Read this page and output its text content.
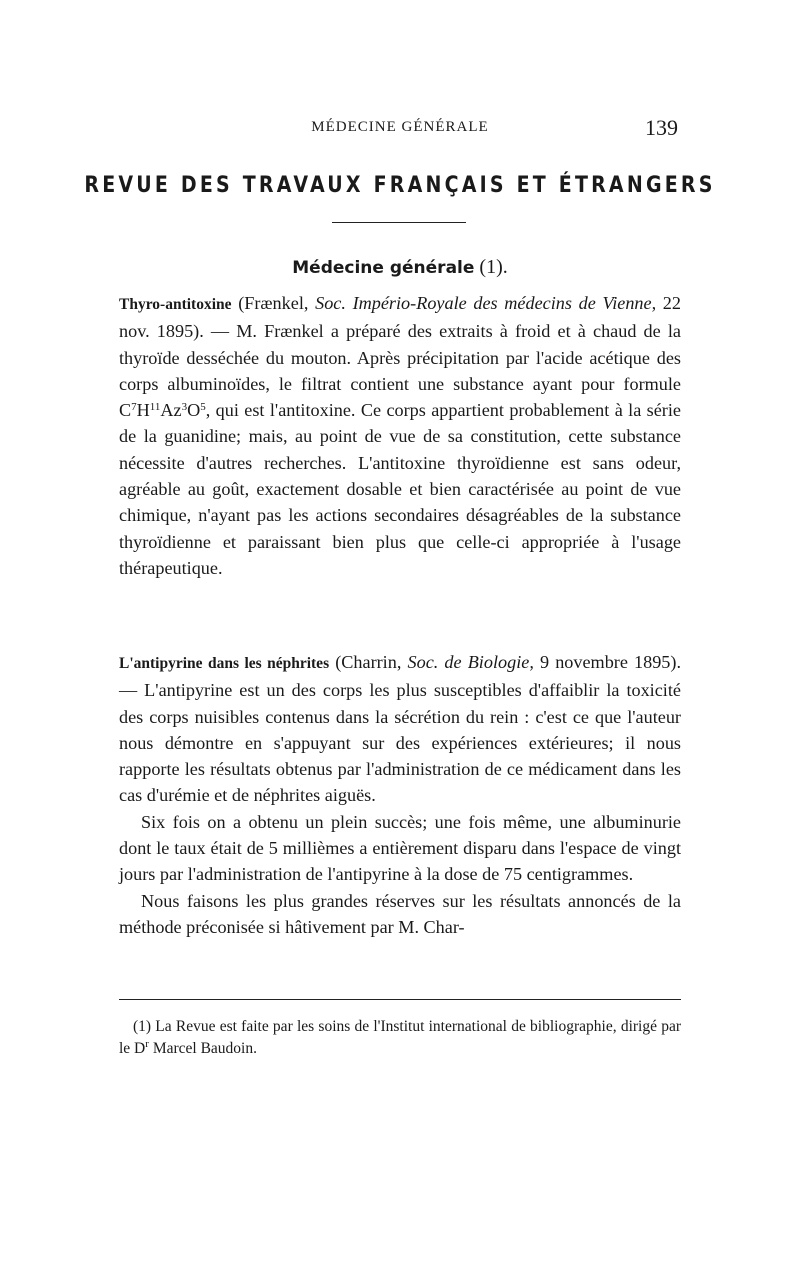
MÉDECINE GÉNÉRALE	139
REVUE DES TRAVAUX FRANÇAIS ET ÉTRANGERS
Médecine générale (1).

Thyro-antitoxine (Frænkel, Soc. Império-Royale des médecins de Vienne, 22 nov. 1895). — M. Frænkel a préparé des extraits à froid et à chaud de la thyroïde desséchée du mouton. Après précipitation par l'acide acétique des corps albuminoïdes, le filtrat contient une substance ayant pour formule $C^7H^{11}Az^3O^5$, qui est l'antitoxine. Ce corps appartient probablement à la série de la guanidine; mais, au point de vue de sa constitution, cette substance nécessite d'autres recherches. L'antitoxine thyroïdienne est sans odeur, agréable au goût, exactement dosable et bien caractérisée au point de vue chimique, n'ayant pas les actions secondaires désagréables de la substance thyroïdienne et paraissant bien plus que celle-ci appropriée à l'usage thérapeutique.

L'antipyrine dans les néphrites (Charrin, Soc. de Biologie, 9 novembre 1895). — L'antipyrine est un des corps les plus susceptibles d'affaiblir la toxicité des corps nuisibles contenus dans la sécrétion du rein : c'est ce que l'auteur nous démontre en s'appuyant sur des expériences extérieures; il nous rapporte les résultats obtenus par l'administration de ce médicament dans les cas d'urémie et de néphrites aiguës.

Six fois on a obtenu un plein succès; une fois même, une albuminurie dont le taux était de 5 millièmes a entièrement disparu dans l'espace de vingt jours par l'administration de l'antipyrine à la dose de 75 centigrammes.

Nous faisons les plus grandes réserves sur les résultats annoncés de la méthode préconisée si hâtivement par M. Char-

(1) La Revue est faite par les soins de l'Institut international de bibliographie, dirigé par le $D^r$ Marcel Baudoin.
